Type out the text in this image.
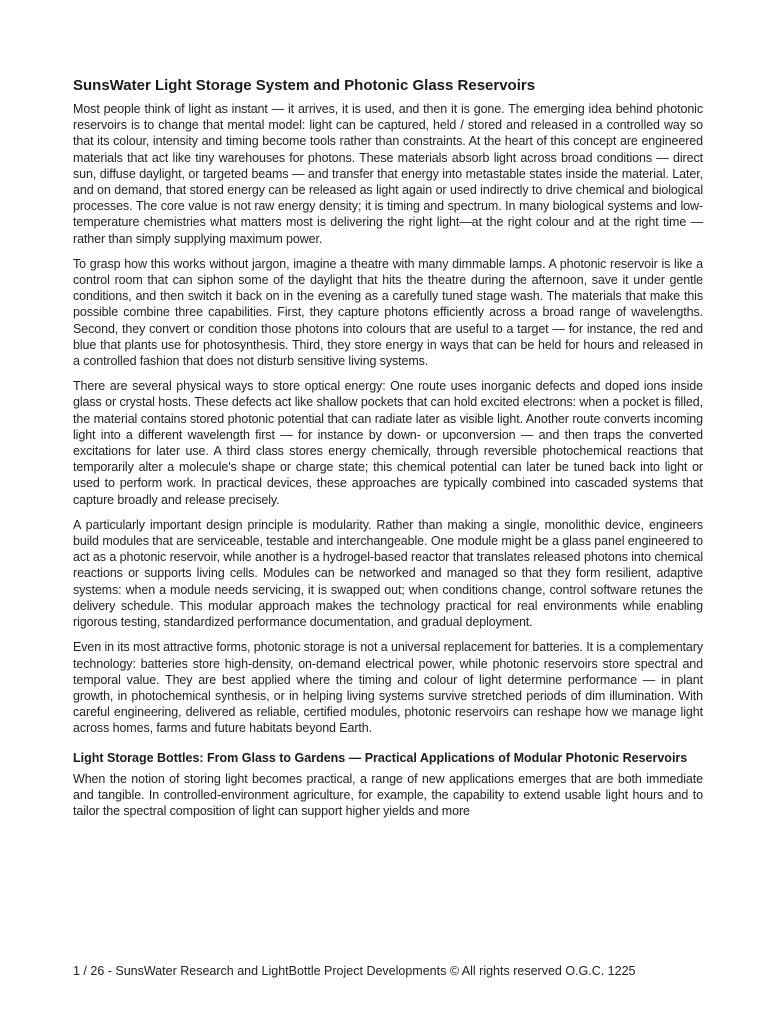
SunsWater Light Storage System and Photonic Glass Reservoirs

Most people think of light as instant — it arrives, it is used, and then it is gone. The emerging idea behind photonic reservoirs is to change that mental model: light can be captured, held / stored and released in a controlled way so that its colour, intensity and timing become tools rather than constraints. At the heart of this concept are engineered materials that act like tiny warehouses for photons. These materials absorb light across broad conditions — direct sun, diffuse daylight, or targeted beams — and transfer that energy into metastable states inside the material. Later, and on demand, that stored energy can be released as light again or used indirectly to drive chemical and biological processes. The core value is not raw energy density; it is timing and spectrum. In many biological systems and low-temperature chemistries what matters most is delivering the right light—at the right colour and at the right time —rather than simply supplying maximum power.

To grasp how this works without jargon, imagine a theatre with many dimmable lamps. A photonic reservoir is like a control room that can siphon some of the daylight that hits the theatre during the afternoon, save it under gentle conditions, and then switch it back on in the evening as a carefully tuned stage wash. The materials that make this possible combine three capabilities. First, they capture photons efficiently across a broad range of wavelengths. Second, they convert or condition those photons into colours that are useful to a target — for instance, the red and blue that plants use for photosynthesis. Third, they store energy in ways that can be held for hours and released in a controlled fashion that does not disturb sensitive living systems.

There are several physical ways to store optical energy: One route uses inorganic defects and doped ions inside glass or crystal hosts. These defects act like shallow pockets that can hold excited electrons: when a pocket is filled, the material contains stored photonic potential that can radiate later as visible light. Another route converts incoming light into a different wavelength first — for instance by down- or upconversion — and then traps the converted excitations for later use. A third class stores energy chemically, through reversible photochemical reactions that temporarily alter a molecule's shape or charge state; this chemical potential can later be tuned back into light or used to perform work. In practical devices, these approaches are typically combined into cascaded systems that capture broadly and release precisely.

A particularly important design principle is modularity. Rather than making a single, monolithic device, engineers build modules that are serviceable, testable and interchangeable. One module might be a glass panel engineered to act as a photonic reservoir, while another is a hydrogel-based reactor that translates released photons into chemical reactions or supports living cells. Modules can be networked and managed so that they form resilient, adaptive systems: when a module needs servicing, it is swapped out; when conditions change, control software retunes the delivery schedule. This modular approach makes the technology practical for real environments while enabling rigorous testing, standardized performance documentation, and gradual deployment.

Even in its most attractive forms, photonic storage is not a universal replacement for batteries. It is a complementary technology: batteries store high-density, on-demand electrical power, while photonic reservoirs store spectral and temporal value. They are best applied where the timing and colour of light determine performance — in plant growth, in photochemical synthesis, or in helping living systems survive stretched periods of dim illumination. With careful engineering, delivered as reliable, certified modules, photonic reservoirs can reshape how we manage light across homes, farms and future habitats beyond Earth.

Light Storage Bottles: From Glass to Gardens — Practical Applications of Modular Photonic Reservoirs

When the notion of storing light becomes practical, a range of new applications emerges that are both immediate and tangible. In controlled-environment agriculture, for example, the capability to extend usable light hours and to tailor the spectral composition of light can support higher yields and more

1 / 26 - SunsWater Research and LightBottle Project Developments © All rights reserved O.G.C. 1225
